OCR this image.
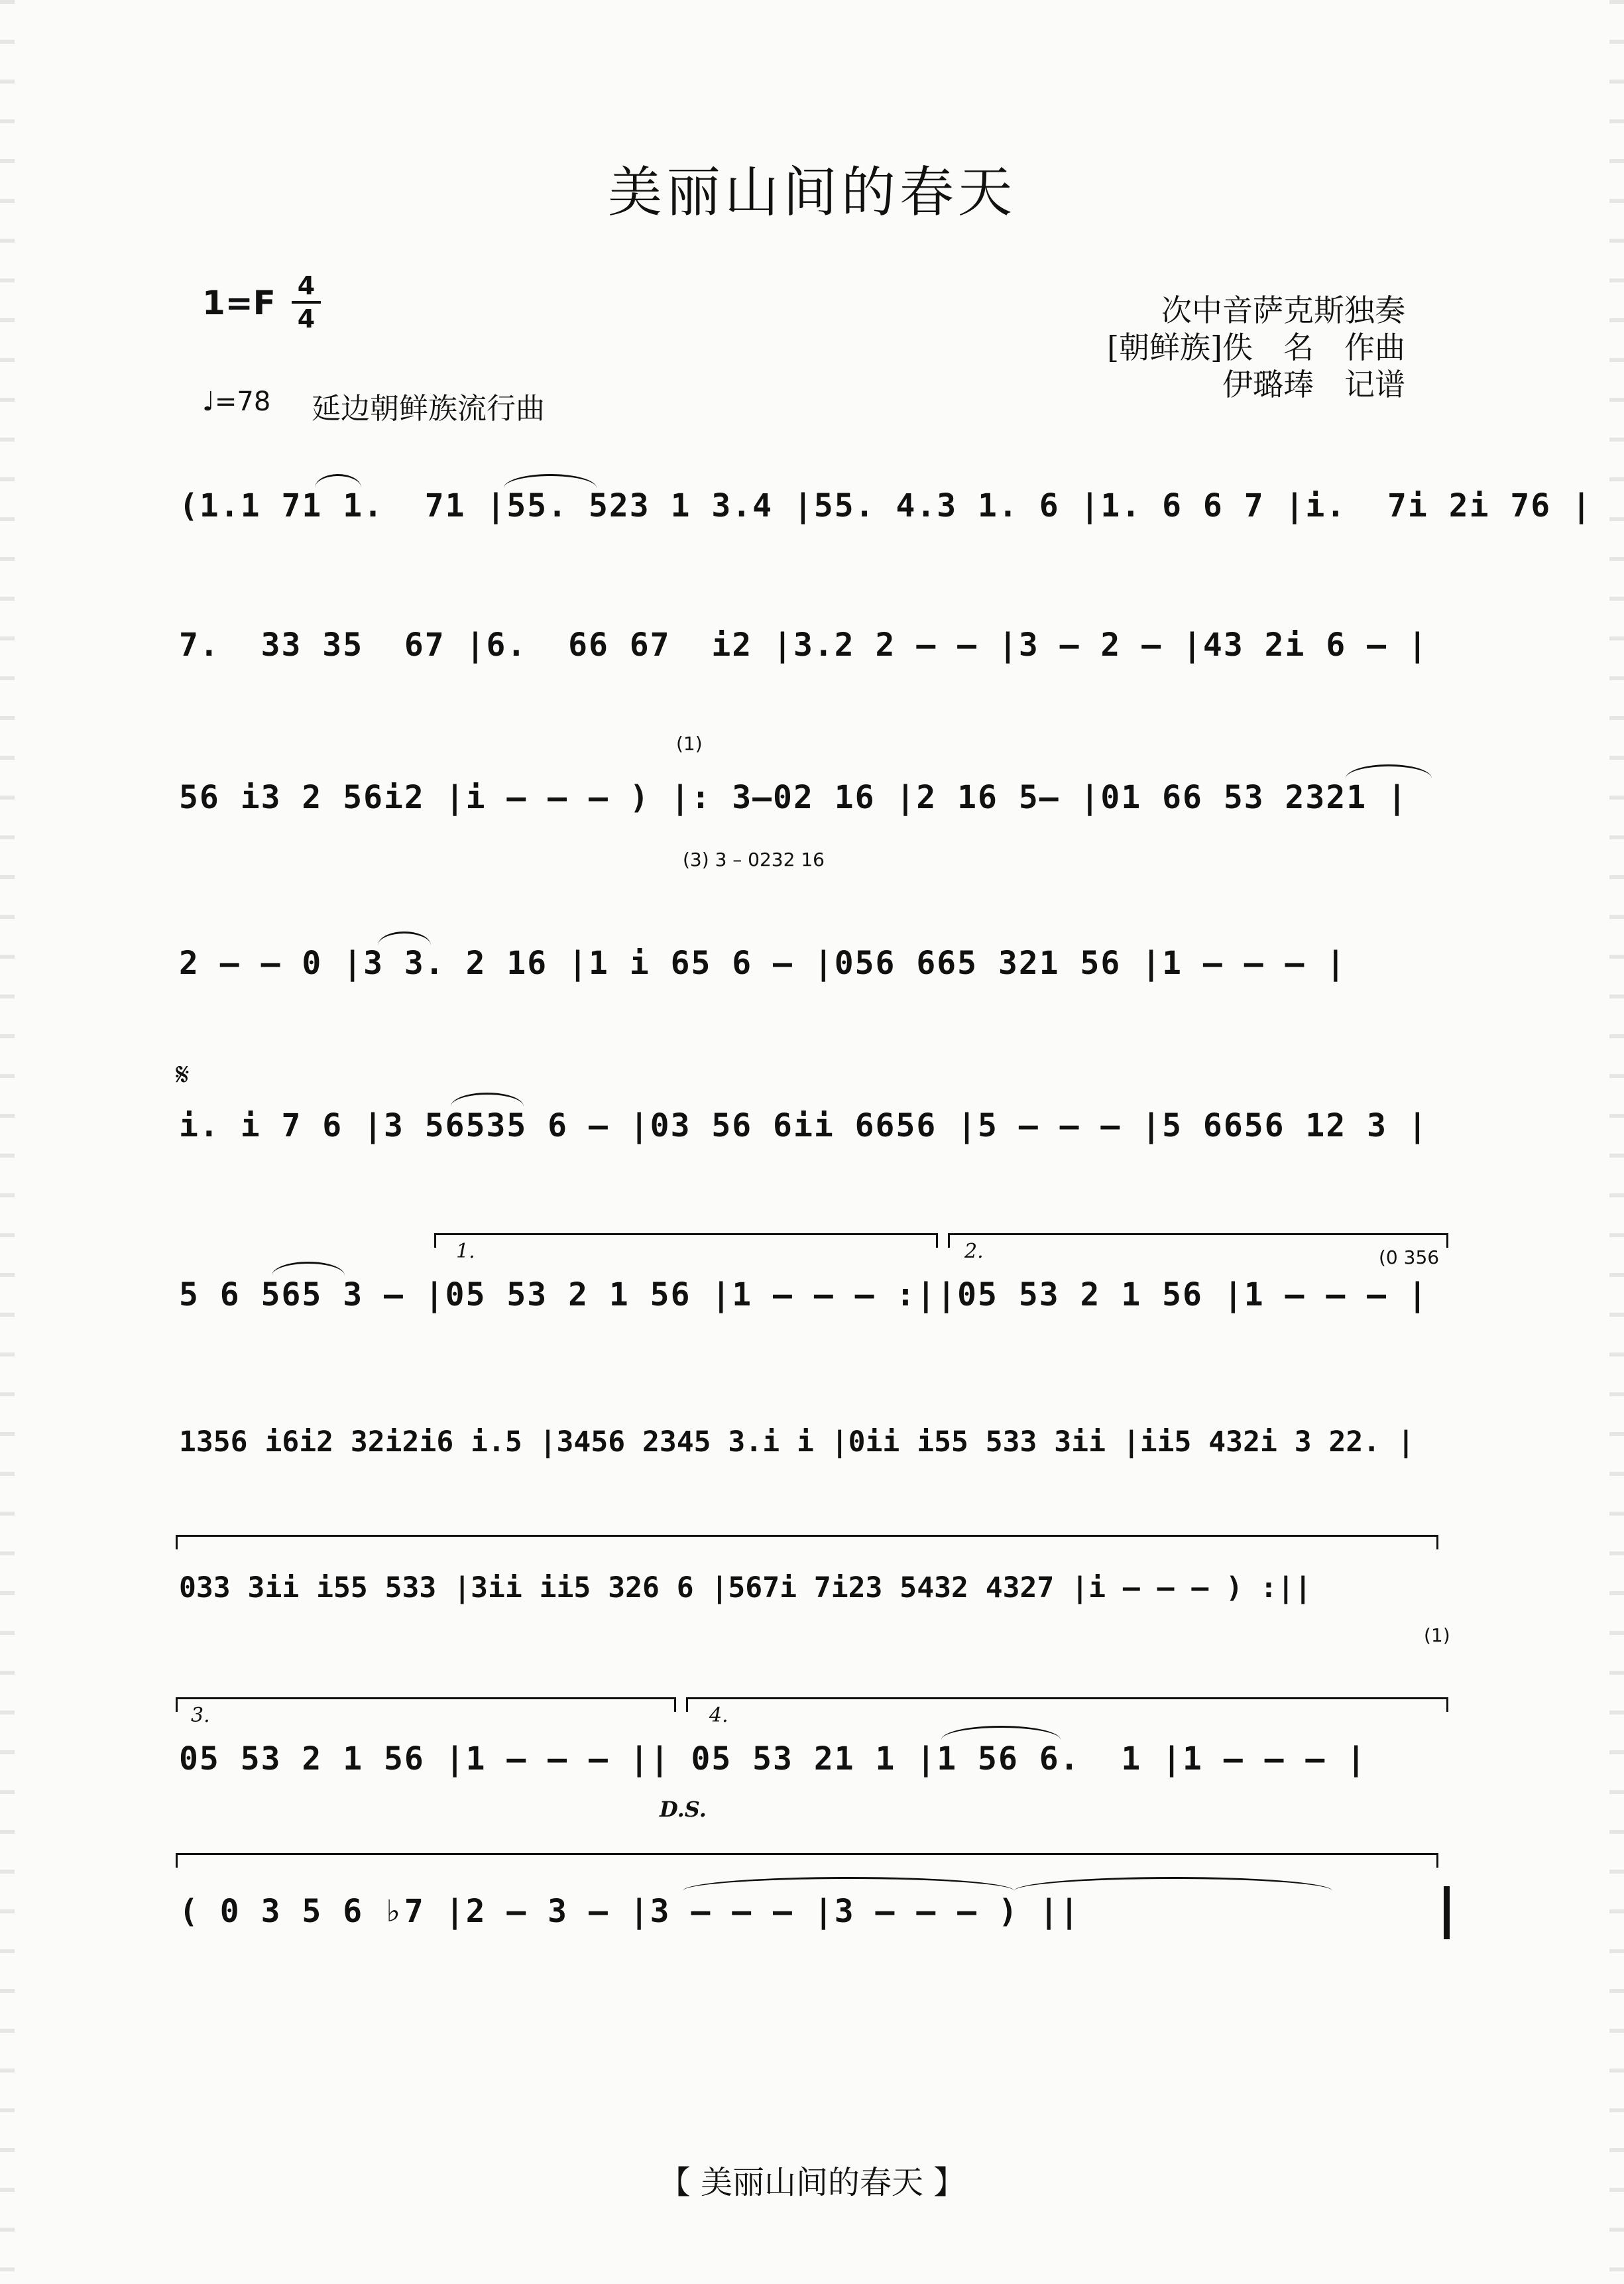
美丽山间的春天
1=F 4
4	次中音萨克斯独奏
[朝鲜族]佚　名　作曲
伊璐琫　记谱
♩=78 延边朝鲜族流行曲
(1.1 71 1.  71 |55. 523 1 3.4 |55. 4.3 1. 6 |1. 6 6 7 |i.  7i 2i 76 |
7.  33 35  67 |6.  66 67  i2 |3.2 2 – – |3 – 2 – |43 2i 6 – |
(1)
56 i3 2 56i2 |i – – – ) |: 3–02 16 |2 16 5– |01 66 53 2321 |
(3) 3 – 0232 16
2 – – 0 |3 3. 2 16 |1 i 65 6 – |056 665 321 56 |1 – – – |
𝄋
i. i 7 6 |3 56535 6 – |03 56 6ii 6656 |5 – – – |5 6656 12 3 |
1.	2.	(0 356
5 6 565 3 – |05 53 2 1 56 |1 – – – :||05 53 2 1 56 |1 – – – |
1356 i6i2 32i2i6 i.5 |3456 2345 3.i i |0ii i55 533 3ii |ii5 432i 3 22. |
033 3ii i55 533 |3ii ii5 326 6 |567i 7i23 5432 4327 |i – – – ) :||
(1)
3.	4.
05 53 2 1 56 |1 – – – || 05 53 21 1 |1 56 6.  1 |1 – – – |
D.S.
( 0 3 5 6 ♭7 |2 – 3 – |3 – – – |3 – – – ) ||
【 美丽山间的春天 】
